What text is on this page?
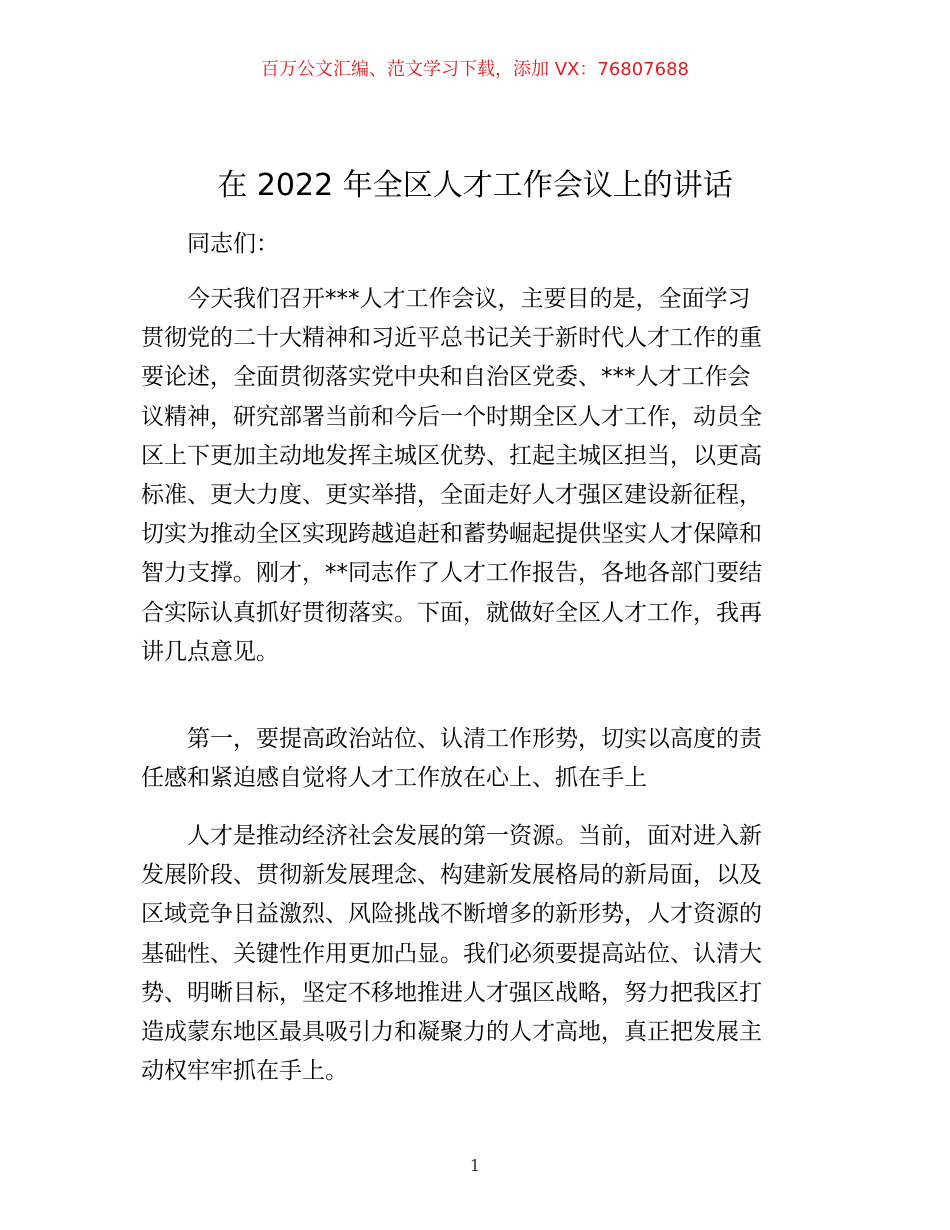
百万公文汇编、范文学习下载，添加 VX：76807688
在 2022 年全区人才工作会议上的讲话
同志们：
今天我们召开***人才工作会议，主要目的是，全面学习
贯彻党的二十大精神和习近平总书记关于新时代人才工作的重
要论述，全面贯彻落实党中央和自治区党委、***人才工作会
议精神，研究部署当前和今后一个时期全区人才工作，动员全
区上下更加主动地发挥主城区优势、扛起主城区担当，以更高
标准、更大力度、更实举措，全面走好人才强区建设新征程，
切实为推动全区实现跨越追赶和蓄势崛起提供坚实人才保障和
智力支撑。刚才，**同志作了人才工作报告，各地各部门要结
合实际认真抓好贯彻落实。下面，就做好全区人才工作，我再
讲几点意见。
第一，要提高政治站位、认清工作形势，切实以高度的责
任感和紧迫感自觉将人才工作放在心上、抓在手上
人才是推动经济社会发展的第一资源。当前，面对进入新
发展阶段、贯彻新发展理念、构建新发展格局的新局面，以及
区域竞争日益激烈、风险挑战不断增多的新形势，人才资源的
基础性、关键性作用更加凸显。我们必须要提高站位、认清大
势、明晰目标，坚定不移地推进人才强区战略，努力把我区打
造成蒙东地区最具吸引力和凝聚力的人才高地，真正把发展主
动权牢牢抓在手上。
1
